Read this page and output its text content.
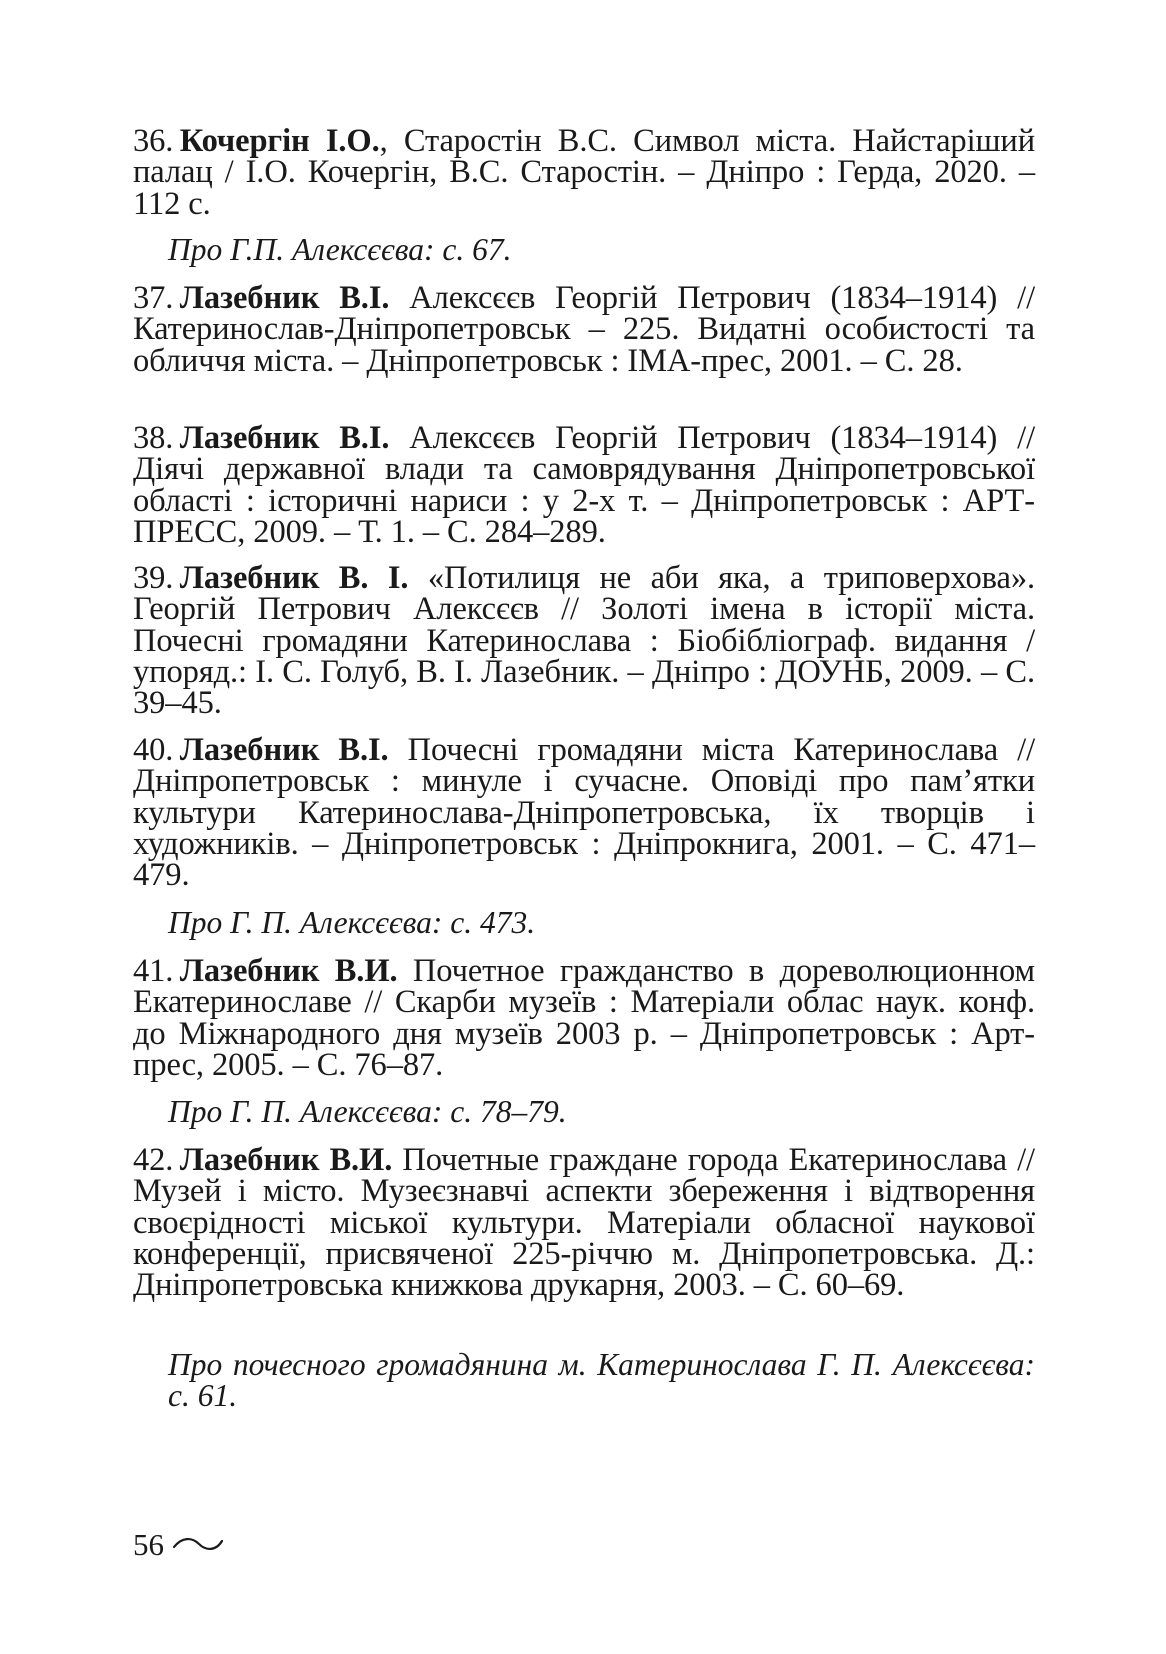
36.  Кочергін І.О., Старостін В.С. Символ міста. Найстаріший палац / І.О. Кочергін, В.С. Старостін. – Дніпро : Герда, 2020. – 112 с.

Про Г.П. Алексєєва: с. 67.

37.  Лазебник В.І. Алексєєв Георгій Петрович (1834–1914) // Катеринослав-Дніпропетровськ – 225. Видатні особистості та обличчя міста. – Дніпропетровськ : ІМА-прес, 2001. – С. 28.

38.  Лазебник В.І. Алексєєв Георгій Петрович (1834–1914) // Діячі державної влади та самоврядування Дніпропетровської області : історичні нариси : у 2-х т. – Дніпропетровськ : АРТ-ПРЕСС, 2009. – Т. 1. – С. 284–289.

39.  Лазебник В. І. «Потилиця не аби яка, а триповерхова». Георгій Петрович Алексєєв // Золоті імена в історії міста. Почесні громадяни Катеринослава : Біобібліограф. видання / упоряд.: І. С. Голуб, В. І. Лазебник. – Дніпро : ДОУНБ, 2009. – С. 39–45.

40.  Лазебник В.І. Почесні громадяни міста Катеринослава // Дніпропетровськ : минуле і сучасне. Оповіді про пам’ятки культури Катеринослава-Дніпропетровська, їх творців і художників. – Дніпропетровськ : Дніпрокнига, 2001. – С. 471–479.

Про Г. П. Алексєєва: с. 473.

41.  Лазебник В.И. Почетное гражданство в дореволюционном Екатеринославе // Скарби музеїв : Матеріали облас наук. конф. до Міжнародного дня музеїв 2003 р. – Дніпропетровськ : Арт-прес, 2005. – С. 76–87.

Про Г. П. Алексєєва: с. 78–79.

42.  Лазебник В.И. Почетные граждане города Екатеринослава // Музей і місто. Музеєзнавчі аспекти збереження і відтворення своєрідності міської культури. Матеріали обласної наукової конференції, присвяченої 225-річчю м. Дніпропетровська. Д.: Дніпропетровська книжкова друкарня, 2003. – С. 60–69.

Про почесного громадянина м. Катеринослава Г. П. Алексєєва: с. 61.

56
